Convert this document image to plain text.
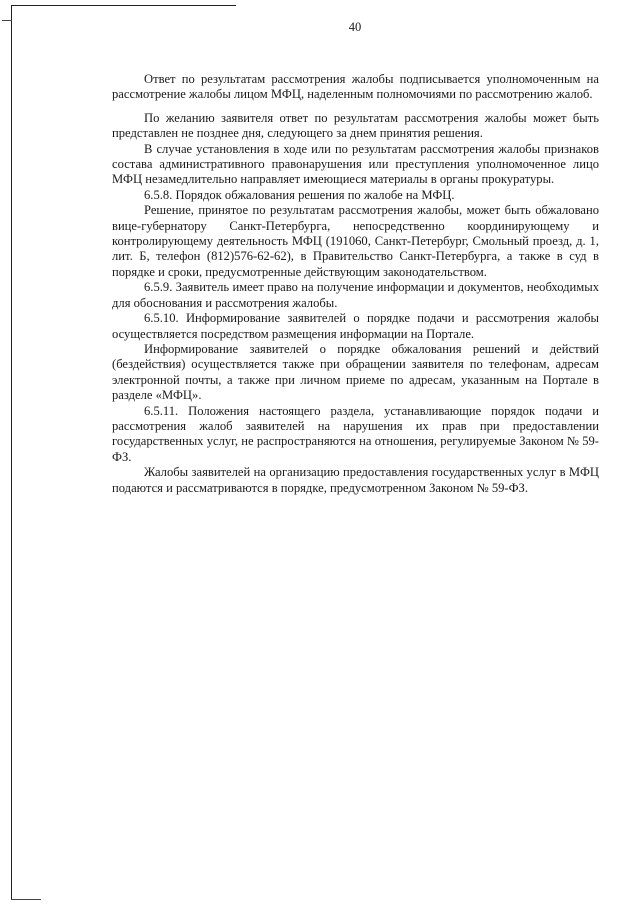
40

Ответ по результатам рассмотрения жалобы подписывается уполномоченным на рассмотрение жалобы лицом МФЦ, наделенным полномочиями по рассмотрению жалоб.

По желанию заявителя ответ по результатам рассмотрения жалобы может быть представлен не позднее дня, следующего за днем принятия решения.

В случае установления в ходе или по результатам рассмотрения жалобы признаков состава административного правонарушения или преступления уполномоченное лицо МФЦ незамедлительно направляет имеющиеся материалы в органы прокуратуры.

6.5.8. Порядок обжалования решения по жалобе на МФЦ.

Решение, принятое по результатам рассмотрения жалобы, может быть обжаловано вице-губернатору Санкт-Петербурга, непосредственно координирующему и контролирующему деятельность МФЦ (191060, Санкт-Петербург, Смольный проезд, д. 1, лит. Б, телефон (812)576-62-62), в Правительство Санкт-Петербурга, а также в суд в порядке и сроки, предусмотренные действующим законодательством.

6.5.9. Заявитель имеет право на получение информации и документов, необходимых для обоснования и рассмотрения жалобы.

6.5.10. Информирование заявителей о порядке подачи и рассмотрения жалобы осуществляется посредством размещения информации на Портале.

Информирование заявителей о порядке обжалования решений и действий (бездействия) осуществляется также при обращении заявителя по телефонам, адресам электронной почты, а также при личном приеме по адресам, указанным на Портале в разделе «МФЦ».

6.5.11. Положения настоящего раздела, устанавливающие порядок подачи и рассмотрения жалоб заявителей на нарушения их прав при предоставлении государственных услуг, не распространяются на отношения, регулируемые Законом № 59-ФЗ.

Жалобы заявителей на организацию предоставления государственных услуг в МФЦ подаются и рассматриваются в порядке, предусмотренном Законом № 59-ФЗ.
